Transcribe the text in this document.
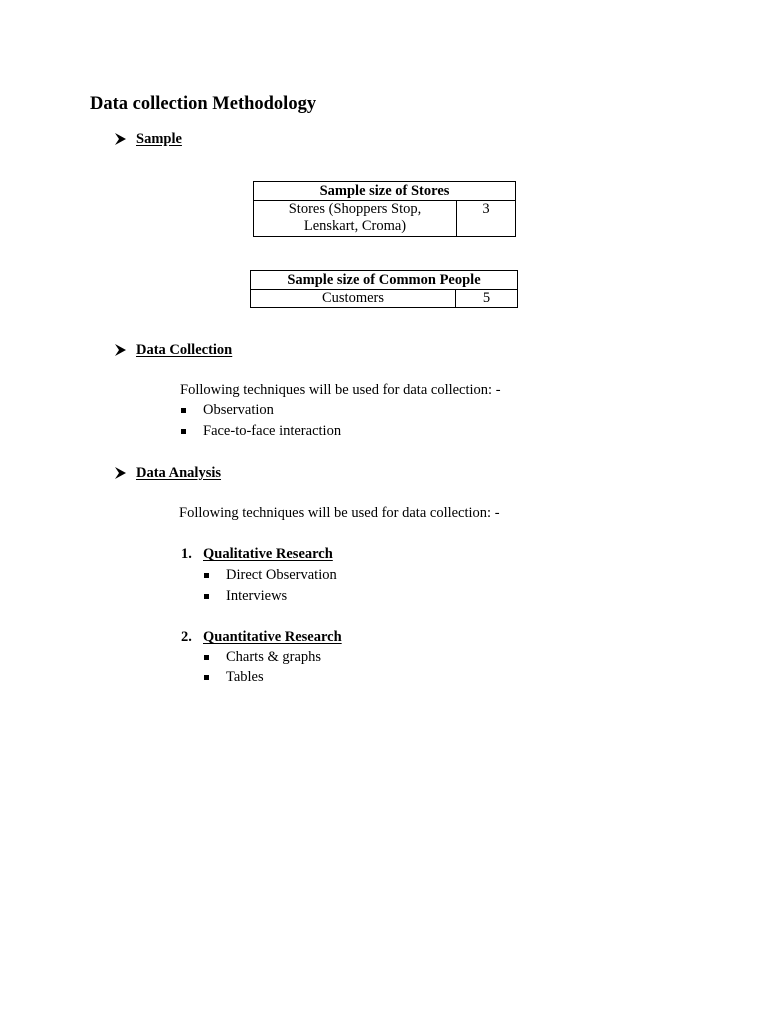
Data collection Methodology
Sample
Sample size of Stores

Stores (Shoppers Stop,
Lenskart, Croma)
	3
Sample size of Common People
Customers	5
Data Collection
Following techniques will be used for data collection: -
Observation
Face-to-face interaction
Data Analysis
Following techniques will be used for data collection: -
1. Qualitative Research
Direct Observation
Interviews
2. Quantitative Research
Charts & graphs
Tables
